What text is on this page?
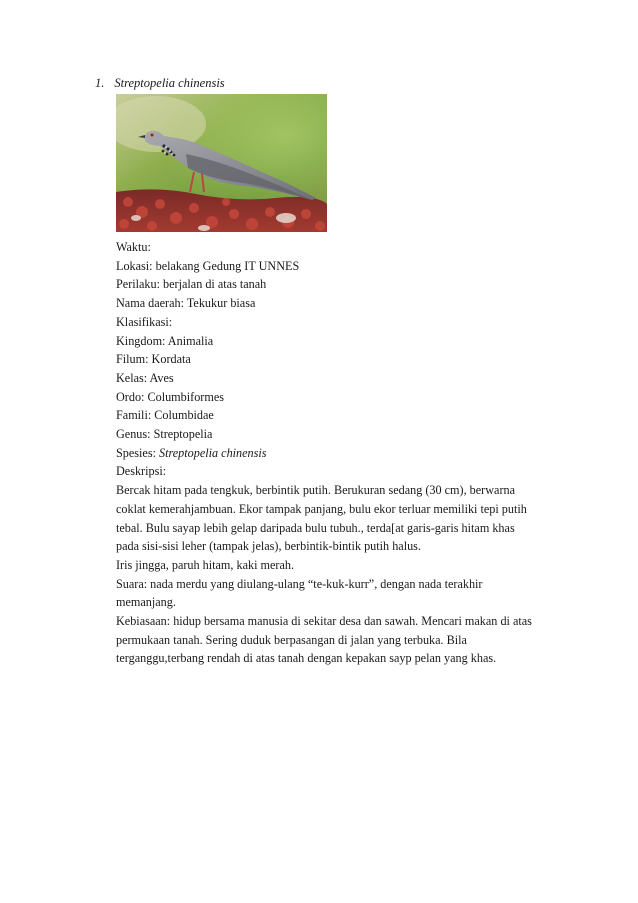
1. Streptopelia chinensis
Waktu:
Lokasi: belakang Gedung IT UNNES
Perilaku: berjalan di atas tanah
Nama daerah: Tekukur biasa
Klasifikasi:
Kingdom: Animalia
Filum: Kordata
Kelas: Aves
Ordo: Columbiformes
Famili: Columbidae
Genus: Streptopelia
Spesies: Streptopelia chinensis
Deskripsi:
Bercak hitam pada tengkuk, berbintik putih. Berukuran sedang (30 cm), berwarna
coklat kemerahjambuan. Ekor tampak panjang, bulu ekor terluar memiliki tepi putih
tebal. Bulu sayap lebih gelap daripada bulu tubuh., terda[at garis-garis hitam khas
pada sisi-sisi leher (tampak jelas), berbintik-bintik putih halus.
Iris jingga, paruh hitam, kaki merah.
Suara: nada merdu yang diulang-ulang “te-kuk-kurr”, dengan nada terakhir
memanjang.
Kebiasaan: hidup bersama manusia di sekitar desa dan sawah. Mencari makan di atas
permukaan tanah. Sering duduk berpasangan di jalan yang terbuka. Bila
terganggu,terbang rendah di atas tanah dengan kepakan sayp pelan yang khas.
